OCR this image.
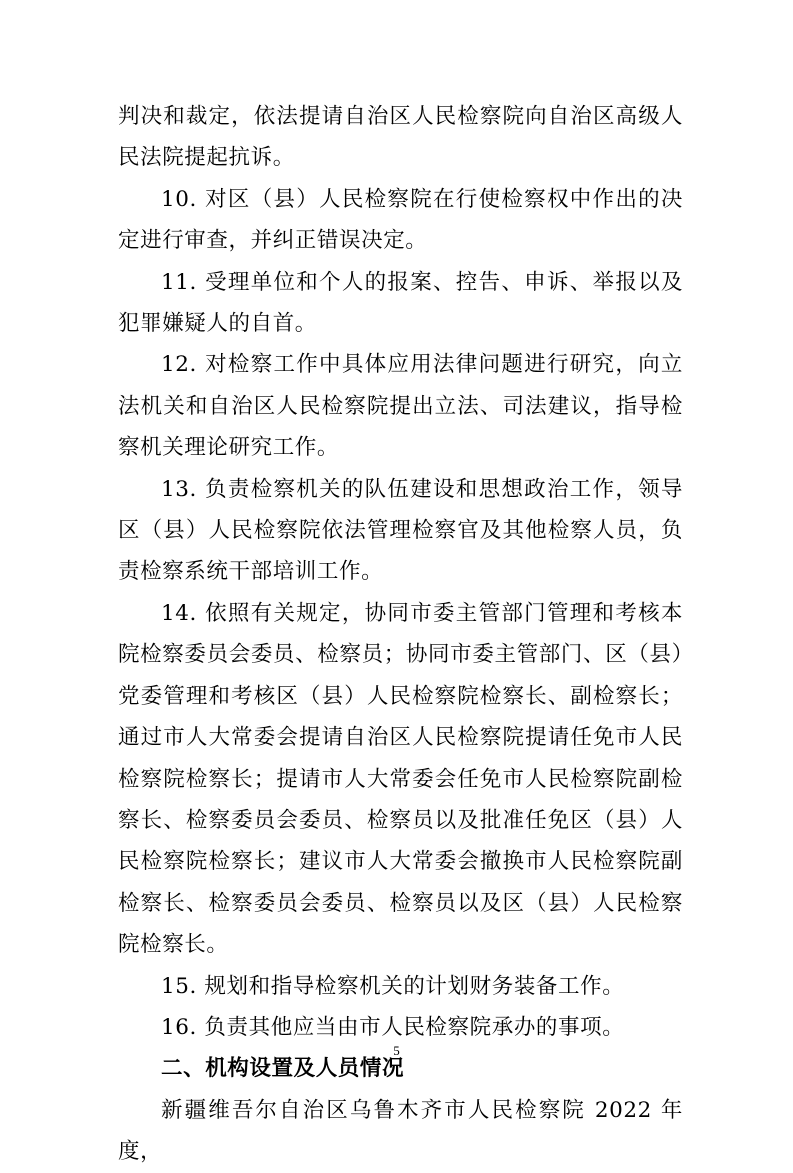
判决和裁定，依法提请自治区人民检察院向自治区高级人民法院提起抗诉。

10. 对区（县）人民检察院在行使检察权中作出的决定进行审查，并纠正错误决定。

11. 受理单位和个人的报案、控告、申诉、举报以及犯罪嫌疑人的自首。

12. 对检察工作中具体应用法律问题进行研究，向立法机关和自治区人民检察院提出立法、司法建议，指导检察机关理论研究工作。

13. 负责检察机关的队伍建设和思想政治工作，领导区（县）人民检察院依法管理检察官及其他检察人员，负责检察系统干部培训工作。

14. 依照有关规定，协同市委主管部门管理和考核本院检察委员会委员、检察员；协同市委主管部门、区（县）党委管理和考核区（县）人民检察院检察长、副检察长；通过市人大常委会提请自治区人民检察院提请任免市人民检察院检察长；提请市人大常委会任免市人民检察院副检察长、检察委员会委员、检察员以及批准任免区（县）人民检察院检察长；建议市人大常委会撤换市人民检察院副检察长、检察委员会委员、检察员以及区（县）人民检察院检察长。

15. 规划和指导检察机关的计划财务装备工作。

16. 负责其他应当由市人民检察院承办的事项。

二、机构设置及人员情况

新疆维吾尔自治区乌鲁木齐市人民检察院 2022 年度，

5
